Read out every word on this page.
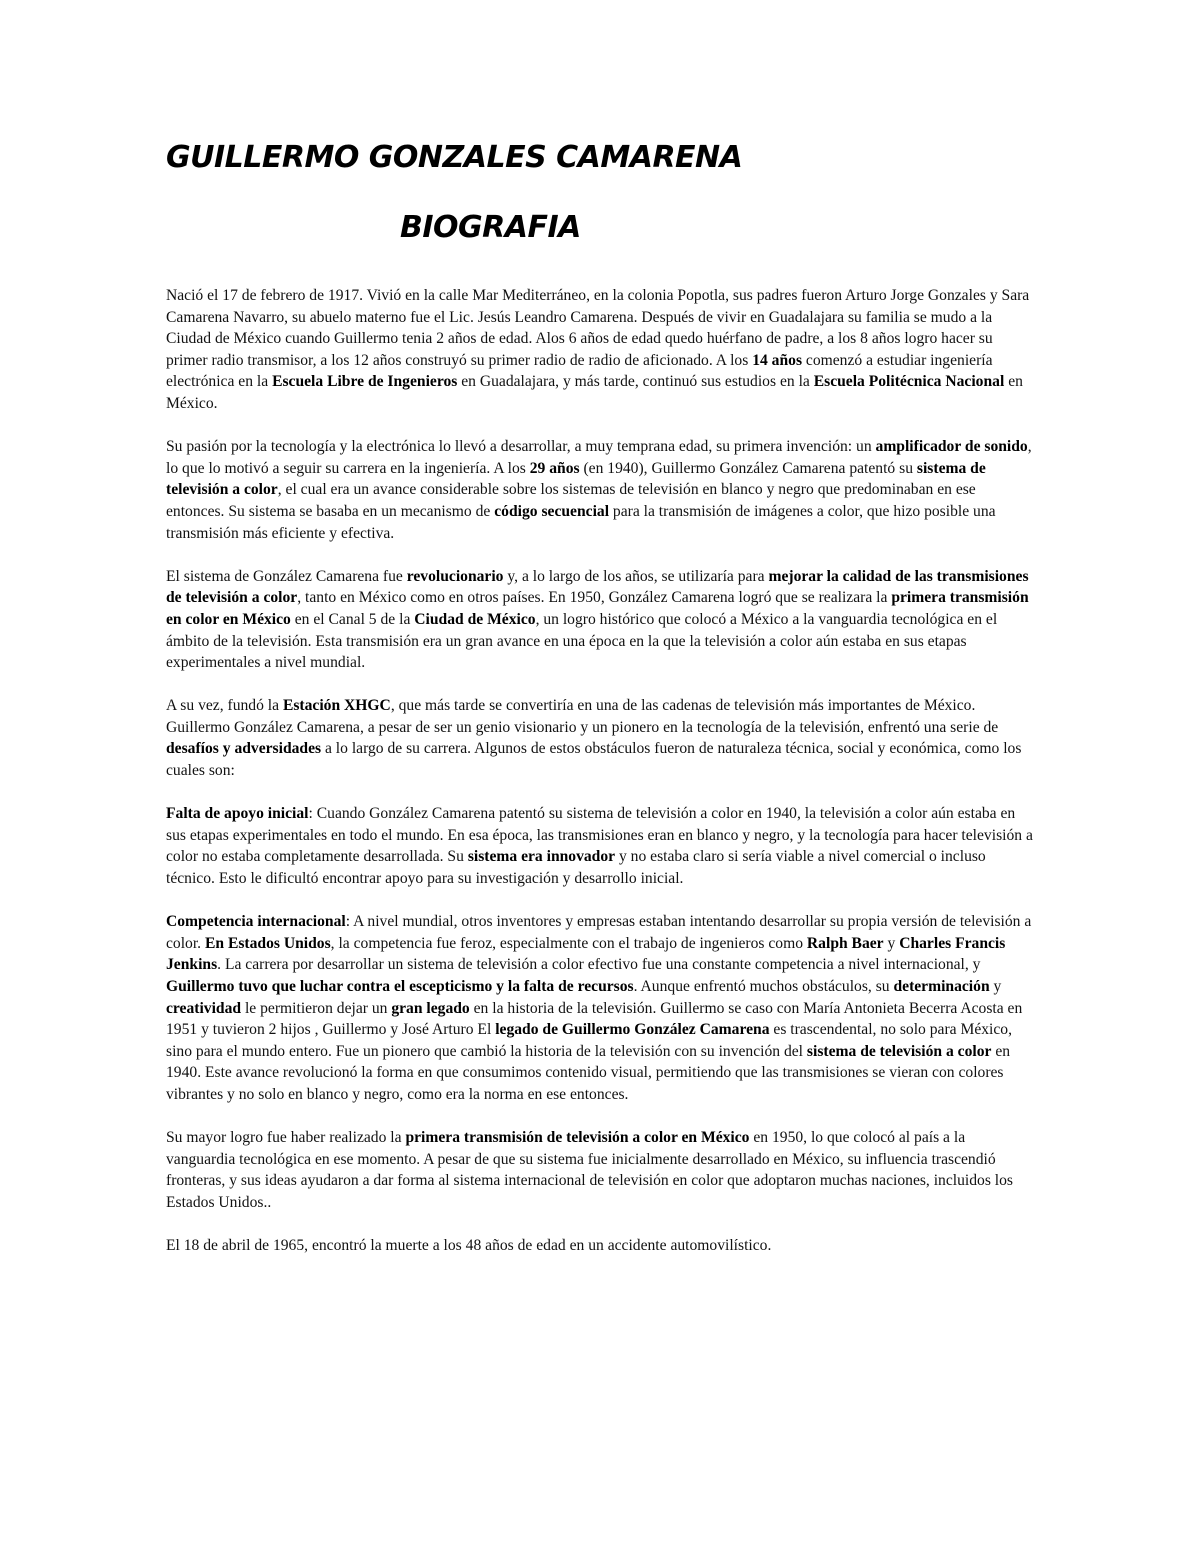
GUILLERMO GONZALES CAMARENA
BIOGRAFIA

Nació el 17 de febrero de 1917. Vivió en la calle Mar Mediterráneo, en la colonia Popotla, sus padres fueron Arturo Jorge Gonzales y Sara Camarena Navarro, su abuelo materno fue el Lic. Jesús Leandro Camarena. Después de vivir en Guadalajara su familia se mudo a la Ciudad de México cuando Guillermo tenia 2 años de edad. Alos 6 años de edad quedo huérfano de padre, a los 8 años logro hacer su primer radio transmisor, a los 12 años construyó su primer radio de radio de aficionado. A los 14 años comenzó a estudiar ingeniería electrónica en la Escuela Libre de Ingenieros en Guadalajara, y más tarde, continuó sus estudios en la Escuela Politécnica Nacional en México.

Su pasión por la tecnología y la electrónica lo llevó a desarrollar, a muy temprana edad, su primera invención: un amplificador de sonido, lo que lo motivó a seguir su carrera en la ingeniería. A los 29 años (en 1940), Guillermo González Camarena patentó su sistema de televisión a color, el cual era un avance considerable sobre los sistemas de televisión en blanco y negro que predominaban en ese entonces. Su sistema se basaba en un mecanismo de código secuencial para la transmisión de imágenes a color, que hizo posible una transmisión más eficiente y efectiva.

El sistema de González Camarena fue revolucionario y, a lo largo de los años, se utilizaría para mejorar la calidad de las transmisiones de televisión a color, tanto en México como en otros países. En 1950, González Camarena logró que se realizara la primera transmisión en color en México en el Canal 5 de la Ciudad de México, un logro histórico que colocó a México a la vanguardia tecnológica en el ámbito de la televisión. Esta transmisión era un gran avance en una época en la que la televisión a color aún estaba en sus etapas experimentales a nivel mundial.

A su vez, fundó la Estación XHGC, que más tarde se convertiría en una de las cadenas de televisión más importantes de México. Guillermo González Camarena, a pesar de ser un genio visionario y un pionero en la tecnología de la televisión, enfrentó una serie de desafíos y adversidades a lo largo de su carrera. Algunos de estos obstáculos fueron de naturaleza técnica, social y económica, como los cuales son:

Falta de apoyo inicial: Cuando González Camarena patentó su sistema de televisión a color en 1940, la televisión a color aún estaba en sus etapas experimentales en todo el mundo. En esa época, las transmisiones eran en blanco y negro, y la tecnología para hacer televisión a color no estaba completamente desarrollada. Su sistema era innovador y no estaba claro si sería viable a nivel comercial o incluso técnico. Esto le dificultó encontrar apoyo para su investigación y desarrollo inicial.

Competencia internacional: A nivel mundial, otros inventores y empresas estaban intentando desarrollar su propia versión de televisión a color. En Estados Unidos, la competencia fue feroz, especialmente con el trabajo de ingenieros como Ralph Baer y Charles Francis Jenkins. La carrera por desarrollar un sistema de televisión a color efectivo fue una constante competencia a nivel internacional, y Guillermo tuvo que luchar contra el escepticismo y la falta de recursos. Aunque enfrentó muchos obstáculos, su determinación y creatividad le permitieron dejar un gran legado en la historia de la televisión. Guillermo se caso con María Antonieta Becerra Acosta en 1951 y tuvieron 2 hijos , Guillermo y José Arturo El legado de Guillermo González Camarena es trascendental, no solo para México, sino para el mundo entero. Fue un pionero que cambió la historia de la televisión con su invención del sistema de televisión a color en 1940. Este avance revolucionó la forma en que consumimos contenido visual, permitiendo que las transmisiones se vieran con colores vibrantes y no solo en blanco y negro, como era la norma en ese entonces.

Su mayor logro fue haber realizado la primera transmisión de televisión a color en México en 1950, lo que colocó al país a la vanguardia tecnológica en ese momento. A pesar de que su sistema fue inicialmente desarrollado en México, su influencia trascendió fronteras, y sus ideas ayudaron a dar forma al sistema internacional de televisión en color que adoptaron muchas naciones, incluidos los Estados Unidos..

El 18 de abril de 1965, encontró la muerte a los 48 años de edad en un accidente automovilístico.
